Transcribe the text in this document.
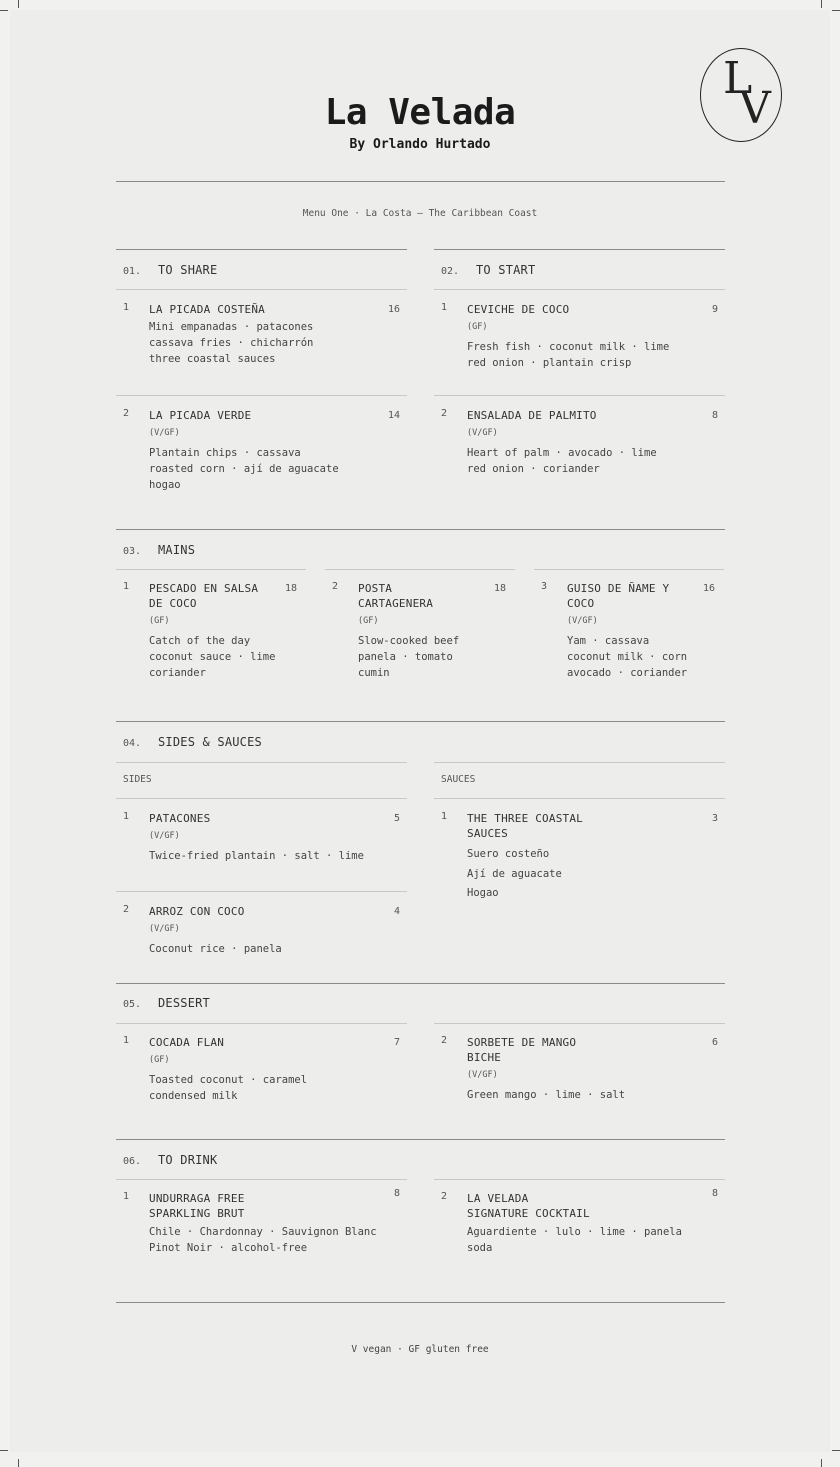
L
V
La Velada
By Orlando Hurtado
Menu One · La Costa — The Caribbean Coast
01. TO SHARE
1 LA PICADA COSTEÑA	16
Mini empanadas · patacones
cassava fries · chicharrón
three coastal sauces
2 LA PICADA VERDE	14
(V/GF)
Plantain chips · cassava
roasted corn · ají de aguacate
hogao
02. TO START
1 CEVICHE DE COCO	9
(GF)
Fresh fish · coconut milk · lime
red onion · plantain crisp
2 ENSALADA DE PALMITO	8
(V/GF)
Heart of palm · avocado · lime
red onion · coriander
03. MAINS
1 PESCADO EN SALSA
DE COCO
18
(GF)
Catch of the day
coconut sauce · lime
coriander
2 POSTA
CARTAGENERA
18
(GF)
Slow-cooked beef
panela · tomato
cumin
3 GUISO DE ÑAME Y
COCO
16
(V/GF)
Yam · cassava
coconut milk · corn
avocado · coriander
04. SIDES & SAUCES
SIDES	SAUCES
1 PATACONES	5
(V/GF)
Twice-fried plantain · salt · lime
2 ARROZ CON COCO	4
(V/GF)
Coconut rice · panela
1 THE THREE COASTAL
SAUCES
3
Suero costeño
Ají de aguacate
Hogao
05. DESSERT
1 COCADA FLAN	7
(GF)
Toasted coconut · caramel
condensed milk
2 SORBETE DE MANGO
BICHE
6
(V/GF)
Green mango · lime · salt
06. TO DRINK
1 UNDURRAGA FREE
SPARKLING BRUT
8
Chile · Chardonnay · Sauvignon Blanc
Pinot Noir · alcohol-free
2 LA VELADA
SIGNATURE COCKTAIL
8
Aguardiente · lulo · lime · panela
soda
V vegan · GF gluten free
